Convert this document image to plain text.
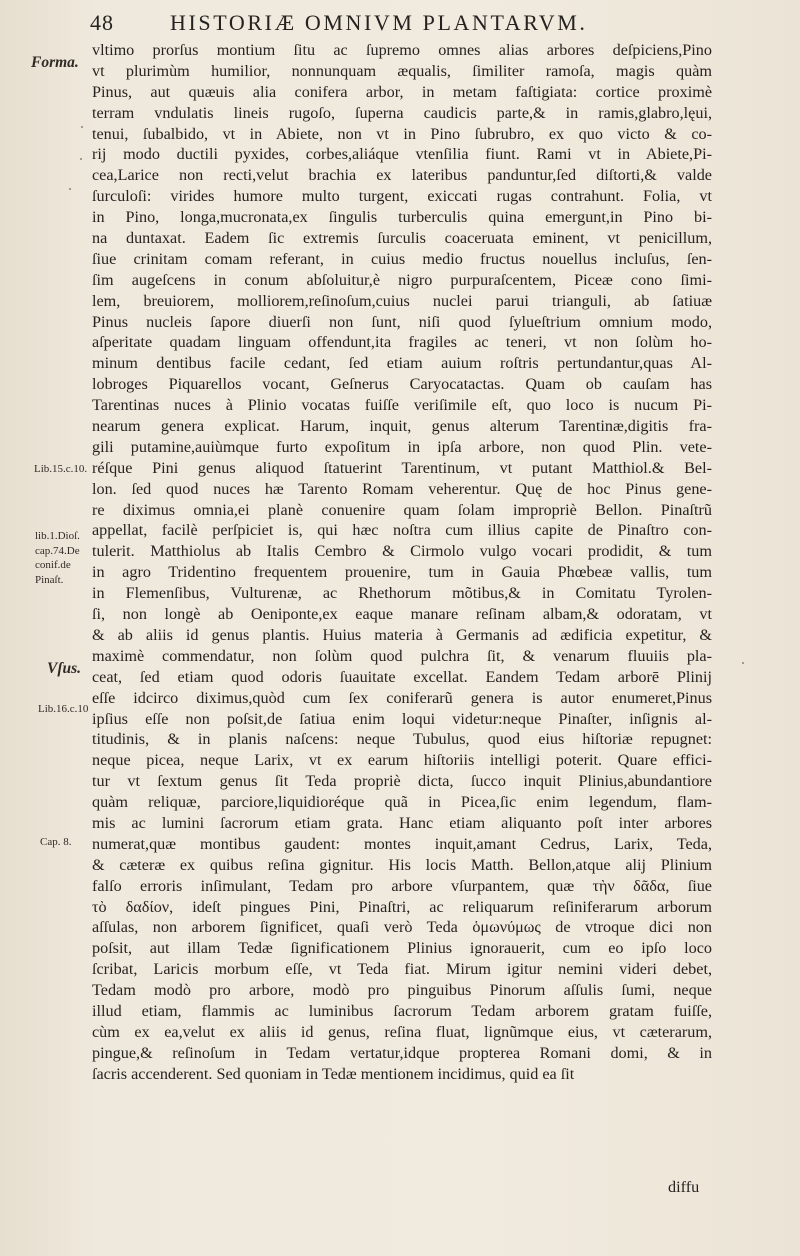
48	HISTORIÆ OMNIVM PLANTARVM.
Forma.
Lib.15.c.10.
lib.1.Dioſ.
cap.74.De
conif.de
Pinaſt.
Vſus.
Lib.16.c.10
Cap. 8.
vltimo prorſus montium ſitu ac ſupremo omnes alias arbores deſpiciens,Pino
vt plurimùm humilior, nonnunquam æqualis, ſimiliter ramoſa, magis quàm
Pinus, aut quæuis alia conifera arbor, in metam faſtigiata: cortice proximè
terram vndulatis lineis rugoſo, ſuperna caudicis parte,& in ramis,glabro,lęui,
tenui, ſubalbido, vt in Abiete, non vt in Pino ſubrubro, ex quo victo & co-
rij modo ductili pyxides, corbes,aliáque vtenſilia fiunt. Rami vt in Abiete,Pi-
cea,Larice non recti,velut brachia ex lateribus panduntur,ſed diſtorti,& valde
ſurculoſi: virides humore multo turgent, exiccati rugas contrahunt. Folia, vt
in Pino, longa,mucronata,ex ſingulis turberculis quina emergunt,in Pino bi-
na duntaxat. Eadem ſic extremis ſurculis coaceruata eminent, vt penicillum,
ſiue crinitam comam referant, in cuius medio fructus nouellus incluſus, ſen-
ſim augeſcens in conum abſoluitur,è nigro purpuraſcentem, Piceæ cono ſimi-
lem, breuiorem, molliorem,reſinoſum,cuius nuclei parui trianguli, ab ſatiuæ
Pinus nucleis ſapore diuerſi non ſunt, niſi quod ſylueſtrium omnium modo,
aſperitate quadam linguam offendunt,ita fragiles ac teneri, vt non ſolùm ho-
minum dentibus facile cedant, ſed etiam auium roſtris pertundantur,quas Al-
lobroges Piquarellos vocant, Geſnerus Caryocatactas. Quam ob cauſam has
Tarentinas nuces à Plinio vocatas fuiſſe veriſimile eſt, quo loco is nucum Pi-
nearum genera explicat. Harum, inquit, genus alterum Tarentinæ,digitis fra-
gili putamine,auiùmque furto expoſitum in ipſa arbore, non quod Plin. vete-
réſque Pini genus aliquod ſtatuerint Tarentinum, vt putant Matthiol.& Bel-
lon. ſed quod nuces hæ Tarento Romam veherentur. Quę de hoc Pinus gene-
re diximus omnia,ei planè conuenire quam ſolam impropriè Bellon. Pinaſtrũ
appellat, facilè perſpiciet is, qui hæc noſtra cum illius capite de Pinaſtro con-
tulerit. Matthiolus ab Italis Cembro & Cirmolo vulgo vocari prodidit, & tum
in agro Tridentino frequentem prouenire, tum in Gauia Phœbeæ vallis, tum
in Flemenſibus, Vulturenæ, ac Rhethorum mõtibus,& in Comitatu Tyrolen-
ſi, non longè ab Oeniponte,ex eaque manare reſinam albam,& odoratam, vt
& ab aliis id genus plantis. Huius materia à Germanis ad ædificia expetitur, &
maximè commendatur, non ſolùm quod pulchra ſit, & venarum fluuiis pla-
ceat, ſed etiam quod odoris ſuauitate excellat. Eandem Tedam arborē Plinij
eſſe idcirco diximus,quòd cum ſex coniferarũ genera is autor enumeret,Pinus
ipſius eſſe non poſsit,de ſatiua enim loqui videtur:neque Pinaſter, inſignis al-
titudinis, & in planis naſcens: neque Tubulus, quod eius hiſtoriæ repugnet:
neque picea, neque Larix, vt ex earum hiſtoriis intelligi poterit. Quare effici-
tur vt ſextum genus ſit Teda propriè dicta, ſucco inquit Plinius,abundantiore
quàm reliquæ, parciore,liquidioréque quã in Picea,ſic enim legendum, flam-
mis ac lumini ſacrorum etiam grata. Hanc etiam aliquanto poſt inter arbores
numerat,quæ montibus gaudent: montes inquit,amant Cedrus, Larix, Teda,
& cæteræ ex quibus reſina gignitur. His locis Matth. Bellon,atque alij Plinium
falſo erroris inſimulant, Tedam pro arbore vſurpantem, quæ τὴν δᾶδα, ſiue
τὸ δαδίον, ideſt pingues Pini, Pinaſtri, ac reliquarum reſiniferarum arborum
aſſulas, non arborem ſignificet, quaſi verò Teda ὁμωνύμως de vtroque dici non
poſsit, aut illam Tedæ ſignificationem Plinius ignorauerit, cum eo ipſo loco
ſcribat, Laricis morbum eſſe, vt Teda fiat. Mirum igitur nemini videri debet,
Tedam modò pro arbore, modò pro pinguibus Pinorum aſſulis ſumi, neque
illud etiam, flammis ac luminibus ſacrorum Tedam arborem gratam fuiſſe,
cùm ex ea,velut ex aliis id genus, reſina fluat, lignũmque eius, vt cæterarum,
pingue,& reſinoſum in Tedam vertatur,idque propterea Romani domi, & in
ſacris accenderent. Sed quoniam in Tedæ mentionem incidimus, quid ea ſit
diffu
